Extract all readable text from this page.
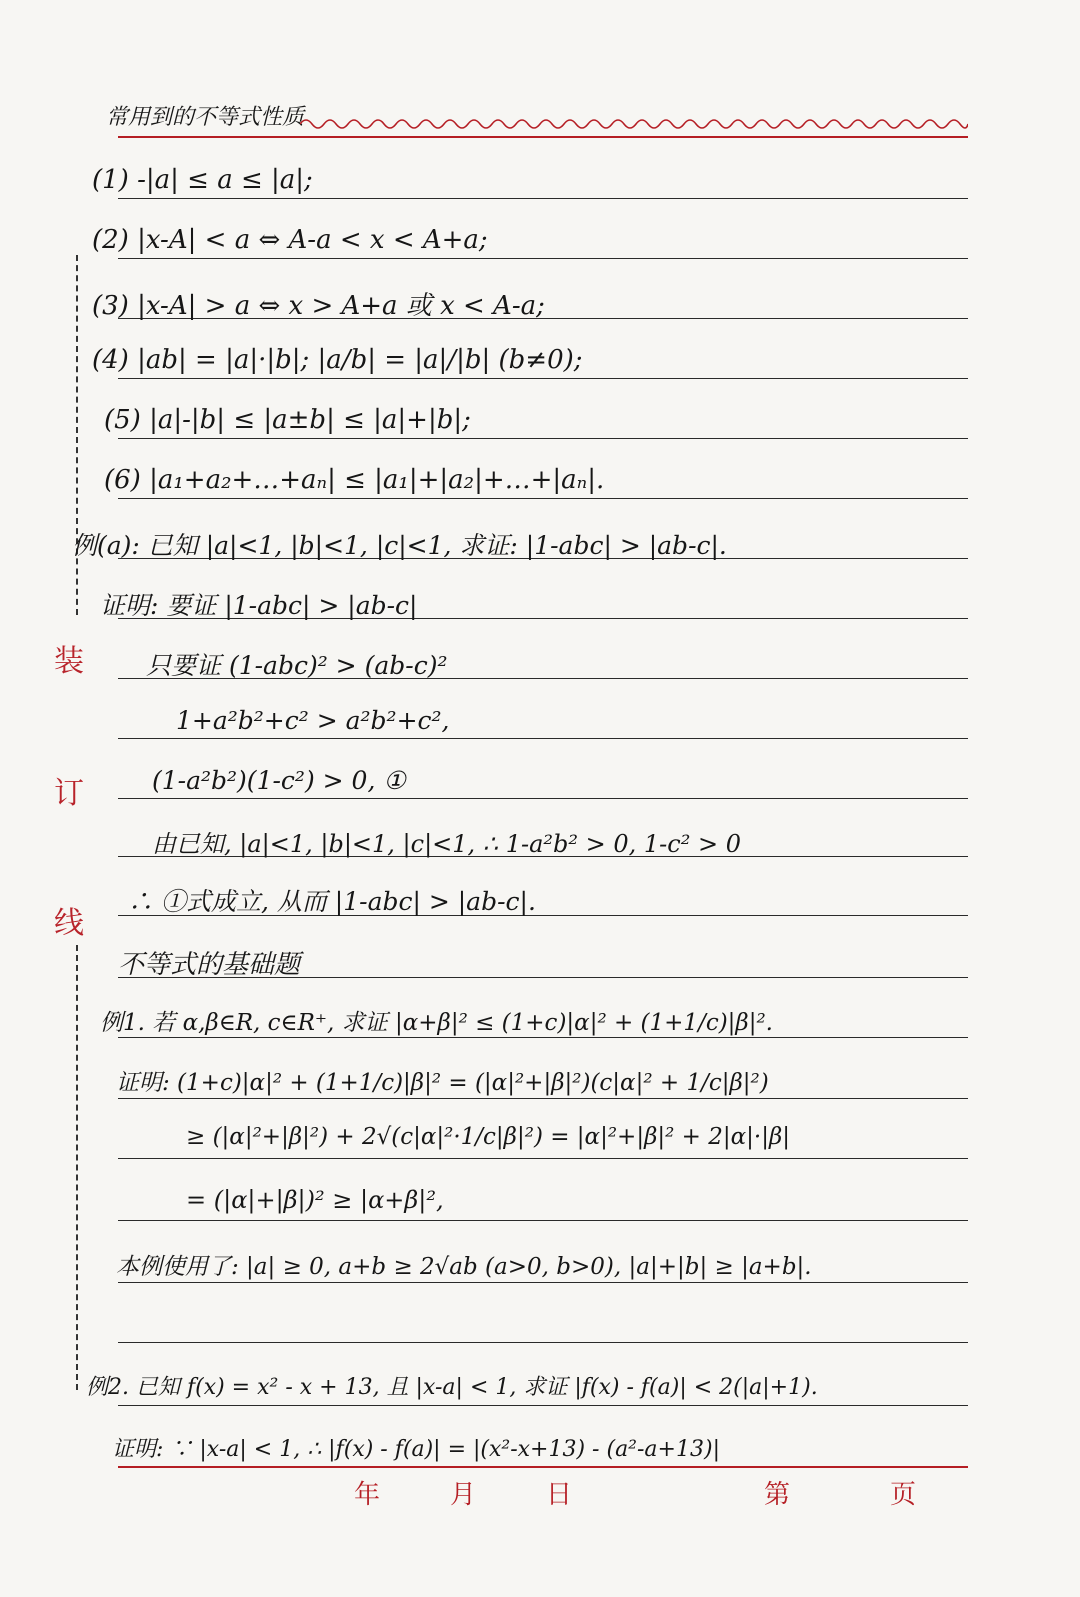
常用到的不等式性质
装
订
线
(1) -|a| ≤ a ≤ |a|;
(2) |x-A| < a ⇔ A-a < x < A+a;
(3) |x-A| > a ⇔ x > A+a 或 x < A-a;
(4) |ab| = |a|·|b|; |a/b| = |a|/|b| (b≠0);
(5) |a|-|b| ≤ |a±b| ≤ |a|+|b|;
(6) |a₁+a₂+…+aₙ| ≤ |a₁|+|a₂|+…+|aₙ|.
例(a): 已知 |a|<1, |b|<1, |c|<1, 求证: |1-abc| > |ab-c|.
证明: 要证 |1-abc| > |ab-c|
只要证 (1-abc)² > (ab-c)²
1+a²b²+c² > a²b²+c²,
(1-a²b²)(1-c²) > 0, ①
由已知, |a|<1, |b|<1, |c|<1, ∴ 1-a²b² > 0, 1-c² > 0
∴ ①式成立, 从而 |1-abc| > |ab-c|.
不等式的基础题
例1. 若 α,β∈R, c∈R⁺, 求证 |α+β|² ≤ (1+c)|α|² + (1+1/c)|β|².
证明: (1+c)|α|² + (1+1/c)|β|² = (|α|²+|β|²)(c|α|² + 1/c|β|²)
≥ (|α|²+|β|²) + 2√(c|α|²·1/c|β|²) = |α|²+|β|² + 2|α|·|β|
= (|α|+|β|)² ≥ |α+β|²,
本例使用了: |a| ≥ 0, a+b ≥ 2√ab (a>0, b>0), |a|+|b| ≥ |a+b|.
例2. 已知 f(x) = x² - x + 13, 且 |x-a| < 1, 求证 |f(x) - f(a)| < 2(|a|+1).
证明: ∵ |x-a| < 1, ∴ |f(x) - f(a)| = |(x²-x+13) - (a²-a+13)|
年	月	日	第	页
